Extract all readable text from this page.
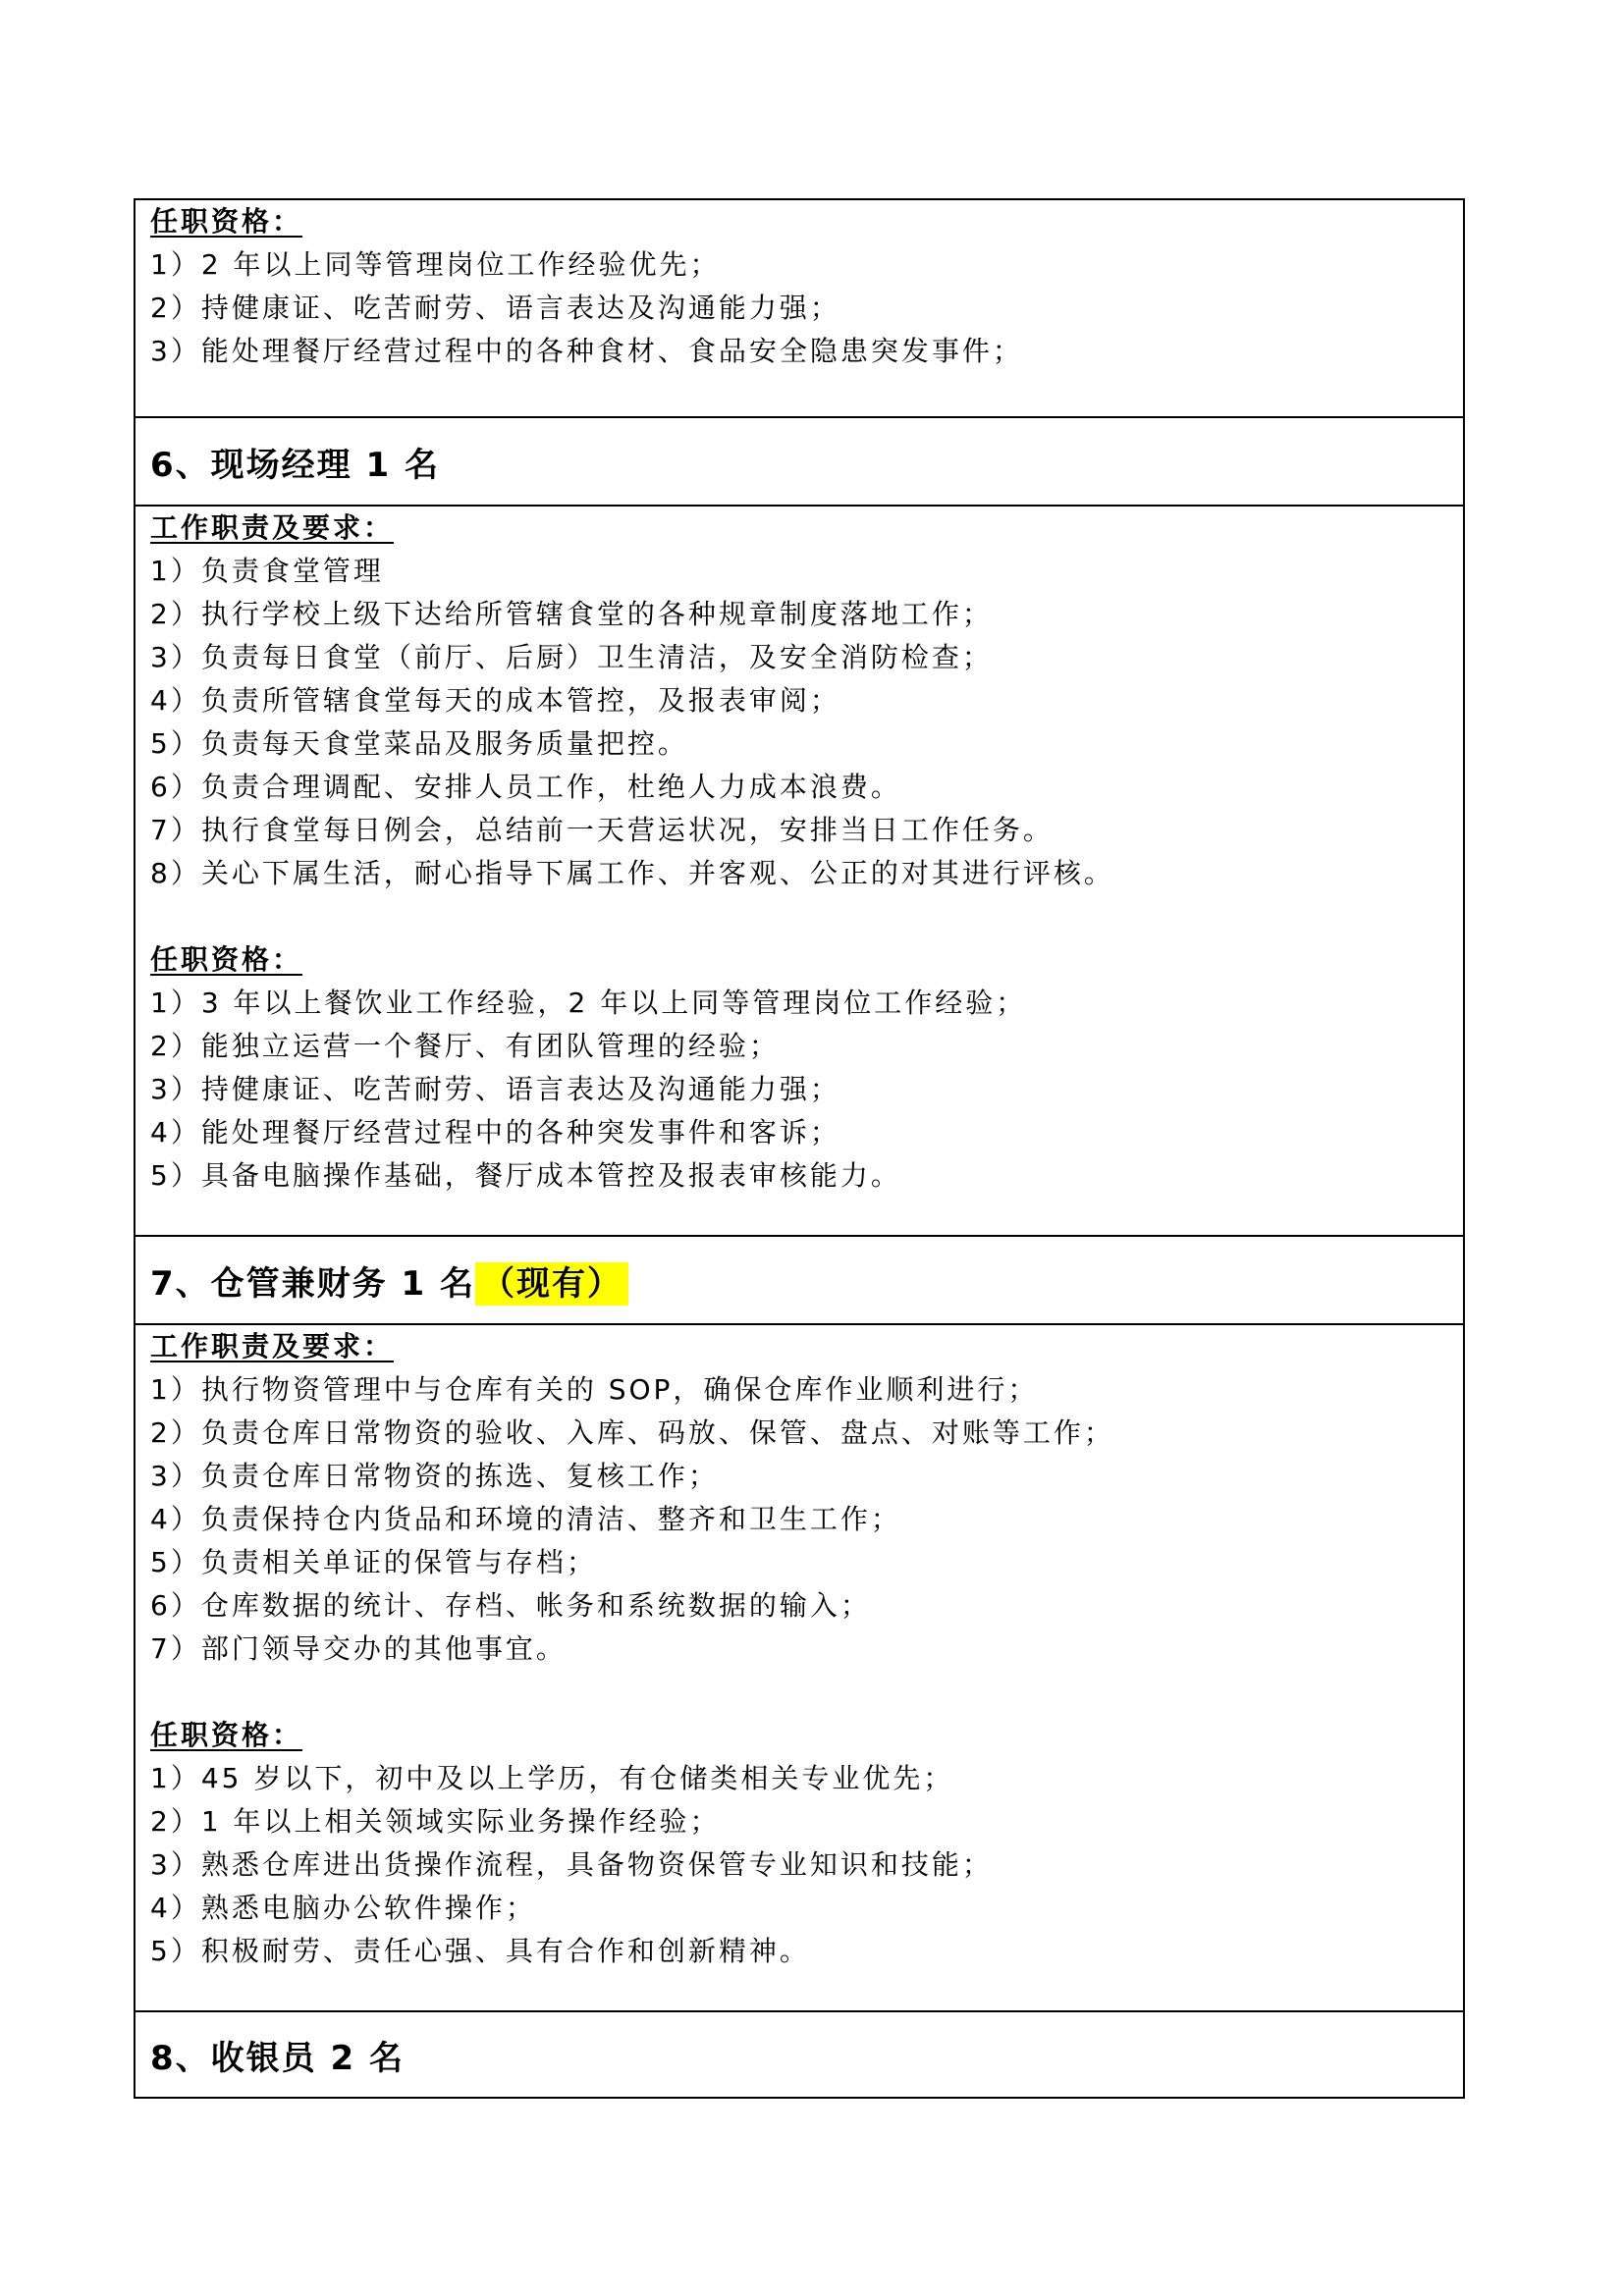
任职资格：
1）2 年以上同等管理岗位工作经验优先；
2）持健康证、吃苦耐劳、语言表达及沟通能力强；
3）能处理餐厅经营过程中的各种食材、食品安全隐患突发事件；

6、现场经理 1 名
工作职责及要求：
1）负责食堂管理
2）执行学校上级下达给所管辖食堂的各种规章制度落地工作；
3）负责每日食堂（前厅、后厨）卫生清洁，及安全消防检查；
4）负责所管辖食堂每天的成本管控，及报表审阅；
5）负责每天食堂菜品及服务质量把控。
6）负责合理调配、安排人员工作，杜绝人力成本浪费。
7）执行食堂每日例会，总结前一天营运状况，安排当日工作任务。
8）关心下属生活，耐心指导下属工作、并客观、公正的对其进行评核。
任职资格：
1）3 年以上餐饮业工作经验，2 年以上同等管理岗位工作经验；
2）能独立运营一个餐厅、有团队管理的经验；
3）持健康证、吃苦耐劳、语言表达及沟通能力强；
4）能处理餐厅经营过程中的各种突发事件和客诉；
5）具备电脑操作基础，餐厅成本管控及报表审核能力。

7、仓管兼财务 1 名 （现有）
工作职责及要求：
1）执行物资管理中与仓库有关的 SOP，确保仓库作业顺利进行；
2）负责仓库日常物资的验收、入库、码放、保管、盘点、对账等工作；
3）负责仓库日常物资的拣选、复核工作；
4）负责保持仓内货品和环境的清洁、整齐和卫生工作；
5）负责相关单证的保管与存档；
6）仓库数据的统计、存档、帐务和系统数据的输入；
7）部门领导交办的其他事宜。
任职资格：
1）45 岁以下，初中及以上学历，有仓储类相关专业优先；
2）1 年以上相关领域实际业务操作经验；
3）熟悉仓库进出货操作流程，具备物资保管专业知识和技能；
4）熟悉电脑办公软件操作；
5）积极耐劳、责任心强、具有合作和创新精神。

8、收银员 2 名
